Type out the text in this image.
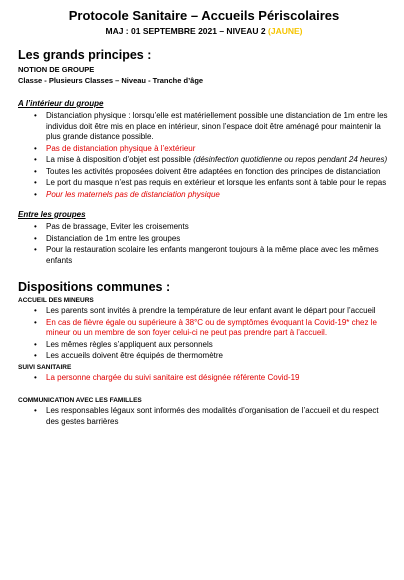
Protocole Sanitaire – Accueils Périscolaires
MAJ : 01 SEPTEMBRE 2021 – NIVEAU 2 (JAUNE)
Les grands principes :
NOTION DE GROUPE
Classe - Plusieurs Classes – Niveau - Tranche d’âge
A l’intérieur du groupe
• Distanciation physique : lorsqu’elle est matériellement possible une distanciation de 1m entre les individus doit être mis en place en intérieur, sinon l’espace doit être aménagé pour maintenir la plus grande distance possible.
• Pas de distanciation physique à l’extérieur
• La mise à disposition d’objet est possible (désinfection quotidienne ou repos pendant 24 heures)
• Toutes les activités proposées doivent être adaptées en fonction des principes de distanciation
• Le port du masque n’est pas requis en extérieur et lorsque les enfants sont à table pour le repas
• Pour les maternels pas de distanciation physique
Entre les groupes
• Pas de brassage, Eviter les croisements
• Distanciation de 1m entre les groupes
• Pour la restauration scolaire les enfants mangeront toujours à la même place avec les mêmes enfants
Dispositions communes :
ACCUEIL DES MINEURS
• Les parents sont invités à prendre la température de leur enfant avant le départ pour l’accueil
• En cas de fièvre égale ou supérieure à 38°C ou de symptômes évoquant la Covid-19* chez le mineur ou un membre de son foyer celui-ci ne peut pas prendre part à l’accueil.
• Les mêmes règles s’appliquent aux personnels
• Les accueils doivent être équipés de thermomètre
SUIVI SANITAIRE
• La personne chargée du suivi sanitaire est désignée référente Covid-19
COMMUNICATION AVEC LES FAMILLES
• Les responsables légaux sont informés des modalités d’organisation de l’accueil et du respect des gestes barrières
